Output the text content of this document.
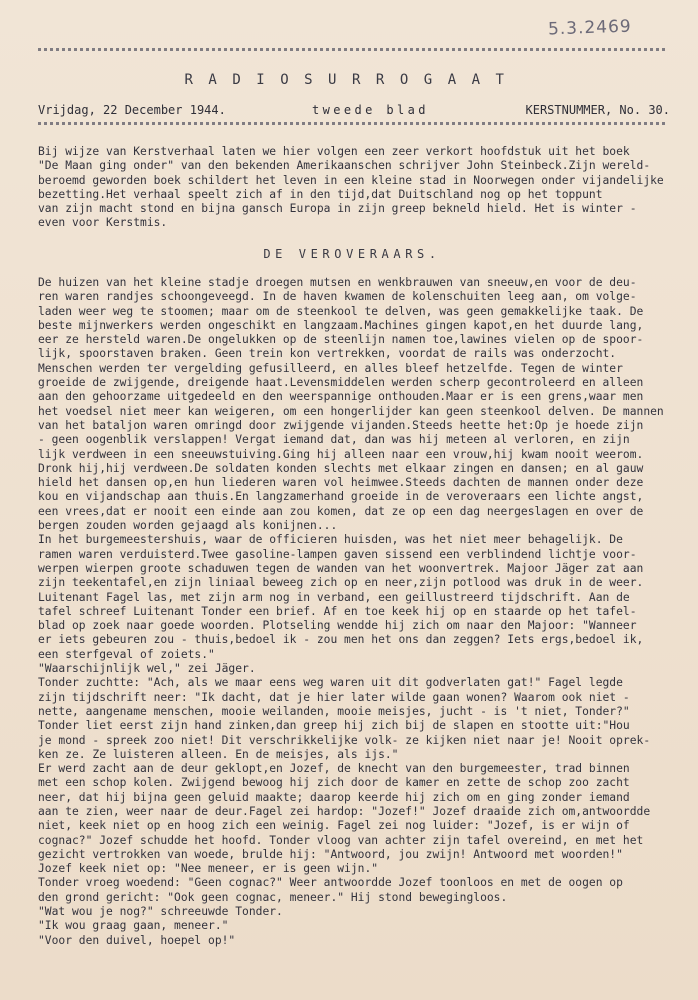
5.3.2469
RADIOSURROGAAT
Vrijdag, 22 December 1944.	tweede blad	KERSTNUMMER, No. 30.
Bij wijze van Kerstverhaal laten we hier volgen een zeer verkort hoofdstuk uit het boek
"De Maan ging onder" van den bekenden Amerikaanschen schrijver John Steinbeck.Zijn wereld-
beroemd geworden boek schildert het leven in een kleine stad in Noorwegen onder vijandelijke
bezetting.Het verhaal speelt zich af in den tijd,dat Duitschland nog op het toppunt
van zijn macht stond en bijna gansch Europa in zijn greep bekneld hield. Het is winter -
even voor Kerstmis.
DE VEROVERAARS.
De huizen van het kleine stadje droegen mutsen en wenkbrauwen van sneeuw,en voor de deu-
ren waren randjes schoongeveegd. In de haven kwamen de kolenschuiten leeg aan, om volge-
laden weer weg te stoomen; maar om de steenkool te delven, was geen gemakkelijke taak. De
beste mijnwerkers werden ongeschikt en langzaam.Machines gingen kapot,en het duurde lang,
eer ze hersteld waren.De ongelukken op de steenlijn namen toe,lawines vielen op de spoor-
lijk, spoorstaven braken. Geen trein kon vertrekken, voordat de rails was onderzocht.
Menschen werden ter vergelding gefusilleerd, en alles bleef hetzelfde. Tegen de winter
groeide de zwijgende, dreigende haat.Levensmiddelen werden scherp gecontroleerd en alleen
aan den gehoorzame uitgedeeld en den weerspannige onthouden.Maar er is een grens,waar men
het voedsel niet meer kan weigeren, om een hongerlijder kan geen steenkool delven. De mannen
van het bataljon waren omringd door zwijgende vijanden.Steeds heette het:Op je hoede zijn
- geen oogenblik verslappen! Vergat iemand dat, dan was hij meteen al verloren, en zijn
lijk verdween in een sneeuwstuiving.Ging hij alleen naar een vrouw,hij kwam nooit weerom.
Dronk hij,hij verdween.De soldaten konden slechts met elkaar zingen en dansen; en al gauw
hield het dansen op,en hun liederen waren vol heimwee.Steeds dachten de mannen onder deze
kou en vijandschap aan thuis.En langzamerhand groeide in de veroveraars een lichte angst,
een vrees,dat er nooit een einde aan zou komen, dat ze op een dag neergeslagen en over de
bergen zouden worden gejaagd als konijnen...
In het burgemeestershuis, waar de officieren huisden, was het niet meer behagelijk. De
ramen waren verduisterd.Twee gasoline-lampen gaven sissend een verblindend lichtje voor-
werpen wierpen groote schaduwen tegen de wanden van het woonvertrek. Majoor Jäger zat aan
zijn teekentafel,en zijn liniaal beweeg zich op en neer,zijn potlood was druk in de weer.
Luitenant Fagel las, met zijn arm nog in verband, een geillustreerd tijdschrift. Aan de
tafel schreef Luitenant Tonder een brief. Af en toe keek hij op en staarde op het tafel-
blad op zoek naar goede woorden. Plotseling wendde hij zich om naar den Majoor: "Wanneer
er iets gebeuren zou - thuis,bedoel ik - zou men het ons dan zeggen? Iets ergs,bedoel ik,
een sterfgeval of zoiets."
"Waarschijnlijk wel," zei Jäger.
Tonder zuchtte: "Ach, als we maar eens weg waren uit dit godverlaten gat!" Fagel legde
zijn tijdschrift neer: "Ik dacht, dat je hier later wilde gaan wonen? Waarom ook niet -
nette, aangename menschen, mooie weilanden, mooie meisjes, jucht - is 't niet, Tonder?"
Tonder liet eerst zijn hand zinken,dan greep hij zich bij de slapen en stootte uit:"Hou
je mond - spreek zoo niet! Dit verschrikkelijke volk- ze kijken niet naar je! Nooit oprek-
ken ze. Ze luisteren alleen. En de meisjes, als ijs."
Er werd zacht aan de deur geklopt,en Jozef, de knecht van den burgemeester, trad binnen
met een schop kolen. Zwijgend bewoog hij zich door de kamer en zette de schop zoo zacht
neer, dat hij bijna geen geluid maakte; daarop keerde hij zich om en ging zonder iemand
aan te zien, weer naar de deur.Fagel zei hardop: "Jozef!" Jozef draaide zich om,antwoordde
niet, keek niet op en hoog zich een weinig. Fagel zei nog luider: "Jozef, is er wijn of
cognac?" Jozef schudde het hoofd. Tonder vloog van achter zijn tafel overeind, en met het
gezicht vertrokken van woede, brulde hij: "Antwoord, jou zwijn! Antwoord met woorden!"
Jozef keek niet op: "Nee meneer, er is geen wijn."
Tonder vroeg woedend: "Geen cognac?" Weer antwoordde Jozef toonloos en met de oogen op
den grond gericht: "Ook geen cognac, meneer." Hij stond bewegingloos.
"Wat wou je nog?" schreeuwde Tonder.
"Ik wou graag gaan, meneer."
"Voor den duivel, hoepel op!"
